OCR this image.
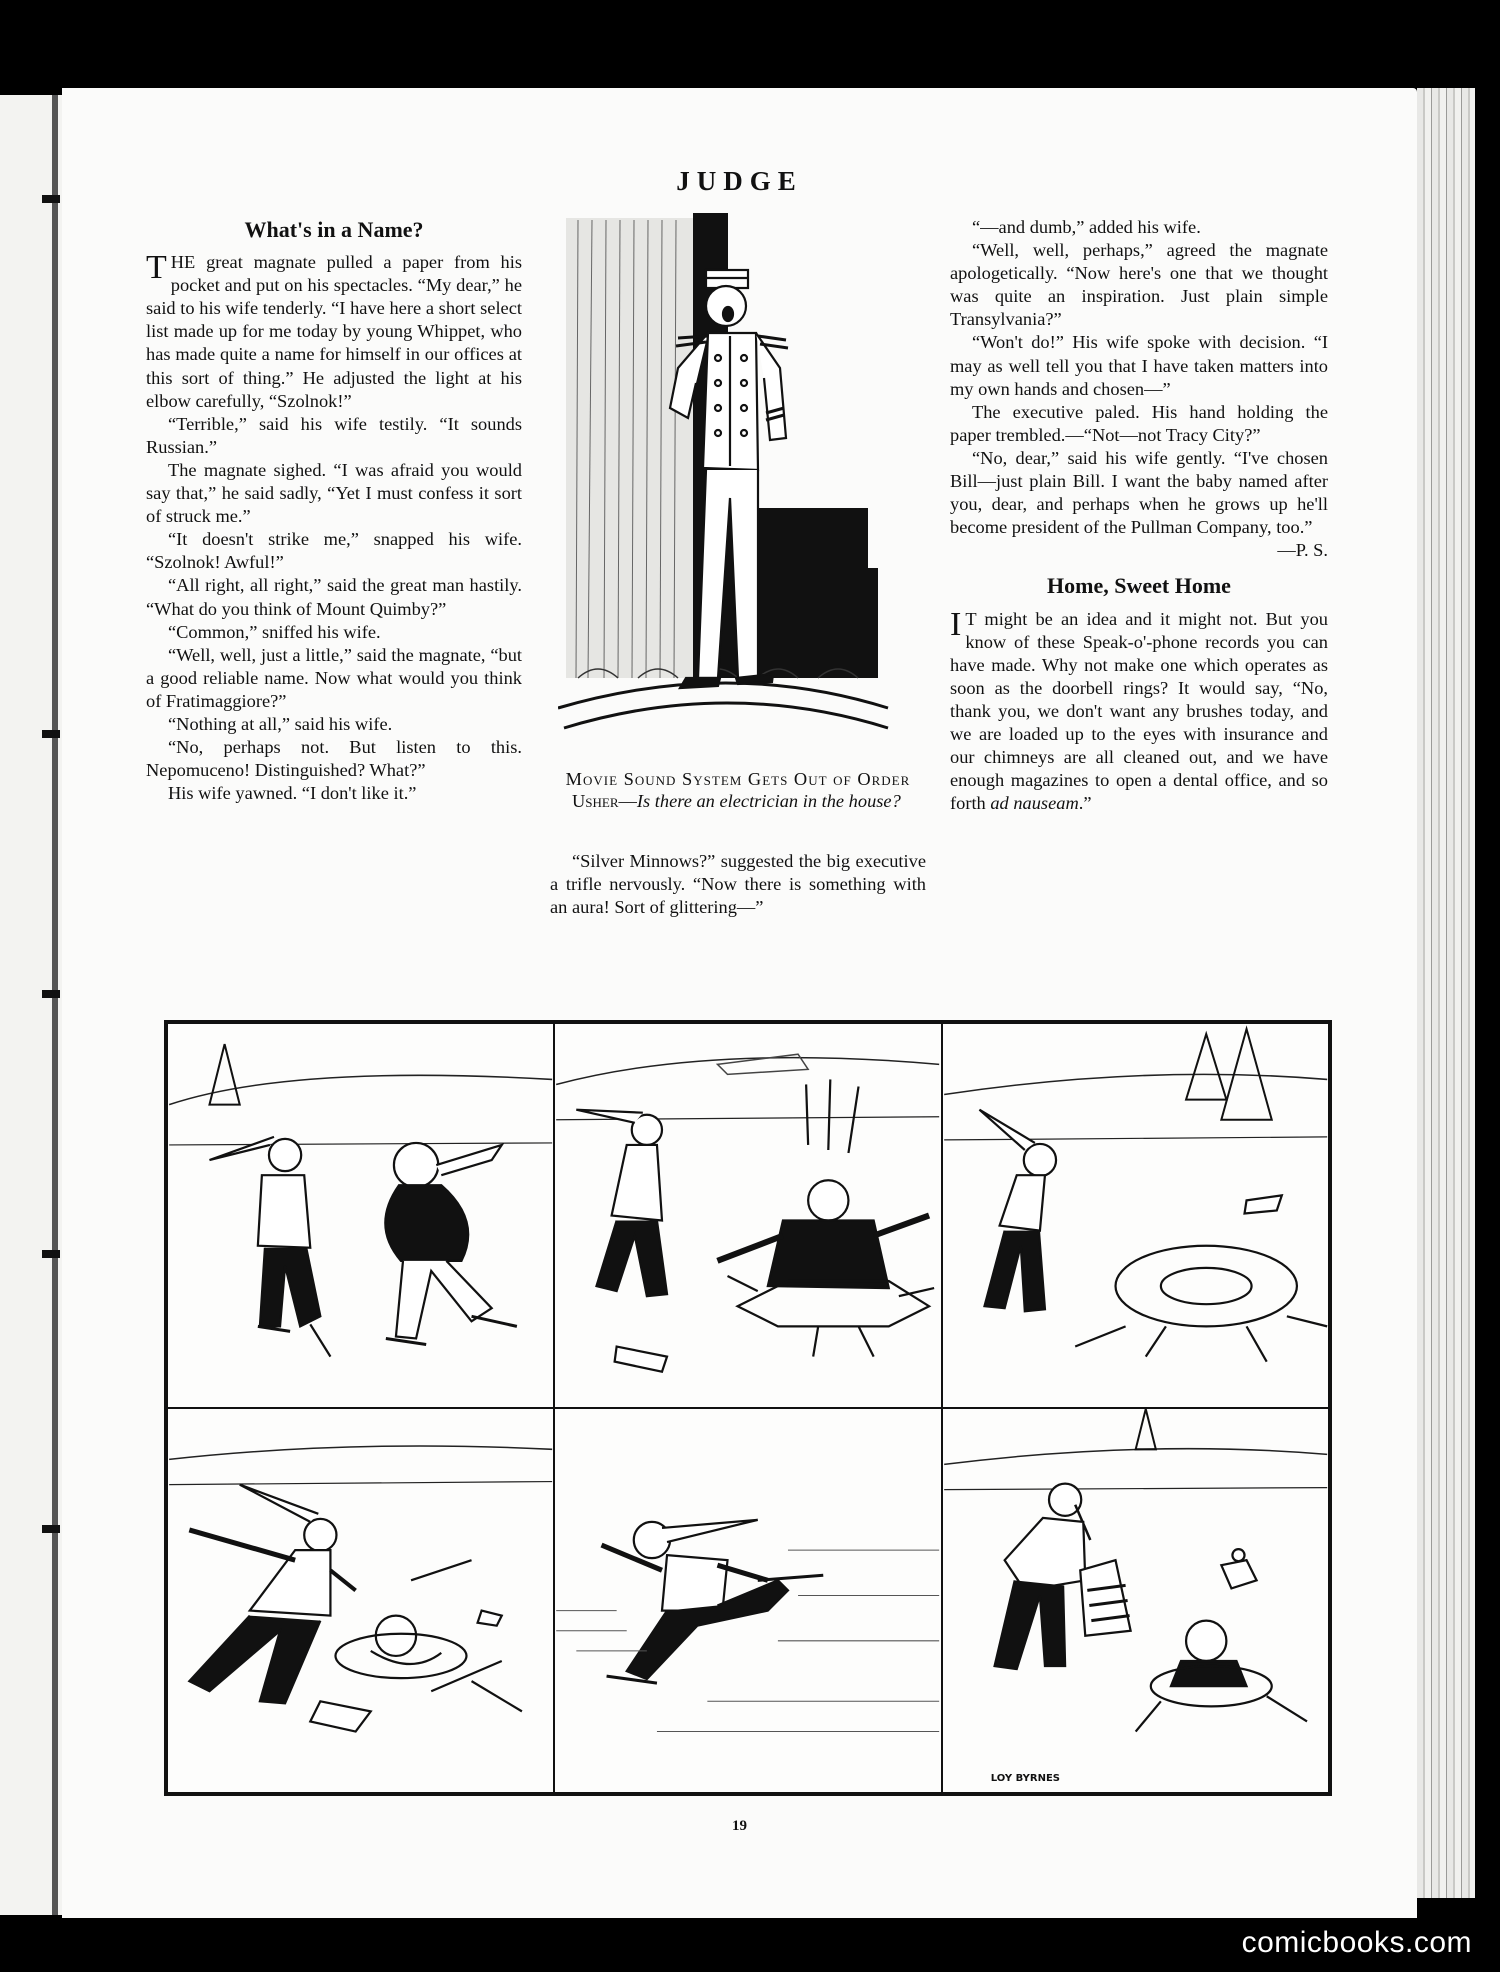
JUDGE
What's in a Name?

THE great magnate pulled a paper from his pocket and put on his spectacles. “My dear,” he said to his wife tenderly. “I have here a short select list made up for me today by young Whippet, who has made quite a name for himself in our offices at this sort of thing.” He adjusted the light at his elbow carefully, “Szolnok!”

“Terrible,” said his wife testily. “It sounds Russian.”

The magnate sighed. “I was afraid you would say that,” he said sadly, “Yet I must confess it sort of struck me.”

“It doesn't strike me,” snapped his wife. “Szolnok! Awful!”

“All right, all right,” said the great man hastily. “What do you think of Mount Quimby?”

“Common,” sniffed his wife.

“Well, well, just a little,” said the magnate, “but a good reliable name. Now what would you think of Fratimaggiore?”

“Nothing at all,” said his wife.

“No, perhaps not. But listen to this. Nepomuceno! Distinguished? What?”

His wife yawned. “I don't like it.”

Movie Sound System Gets Out of Order

Usher—Is there an electrician in the house?

“Silver Minnows?” suggested the big executive a trifle nervously. “Now there is something with an aura! Sort of glittering—”

“—and dumb,” added his wife.

“Well, well, perhaps,” agreed the magnate apologetically. “Now here's one that we thought was quite an inspiration. Just plain simple Transylvania?”

“Won't do!” His wife spoke with decision. “I may as well tell you that I have taken matters into my own hands and chosen—”

The executive paled. His hand holding the paper trembled.—“Not—not Tracy City?”

“No, dear,” said his wife gently. “I've chosen Bill—just plain Bill. I want the baby named after you, dear, and perhaps when he grows up he'll become president of the Pullman Company, too.”

—P. S.
Home, Sweet Home

I T might be an idea and it might not. But you know of these Speak-o'-phone records you can have made. Why not make one which operates as soon as the doorbell rings? It would say, “No, thank you, we don't want any brushes today, and we are loaded up to the eyes with insurance and our chimneys are all cleaned out, and we have enough magazines to open a dental office, and so forth ad nauseam.”

LOY BYRNES
19
comicbooks.com
